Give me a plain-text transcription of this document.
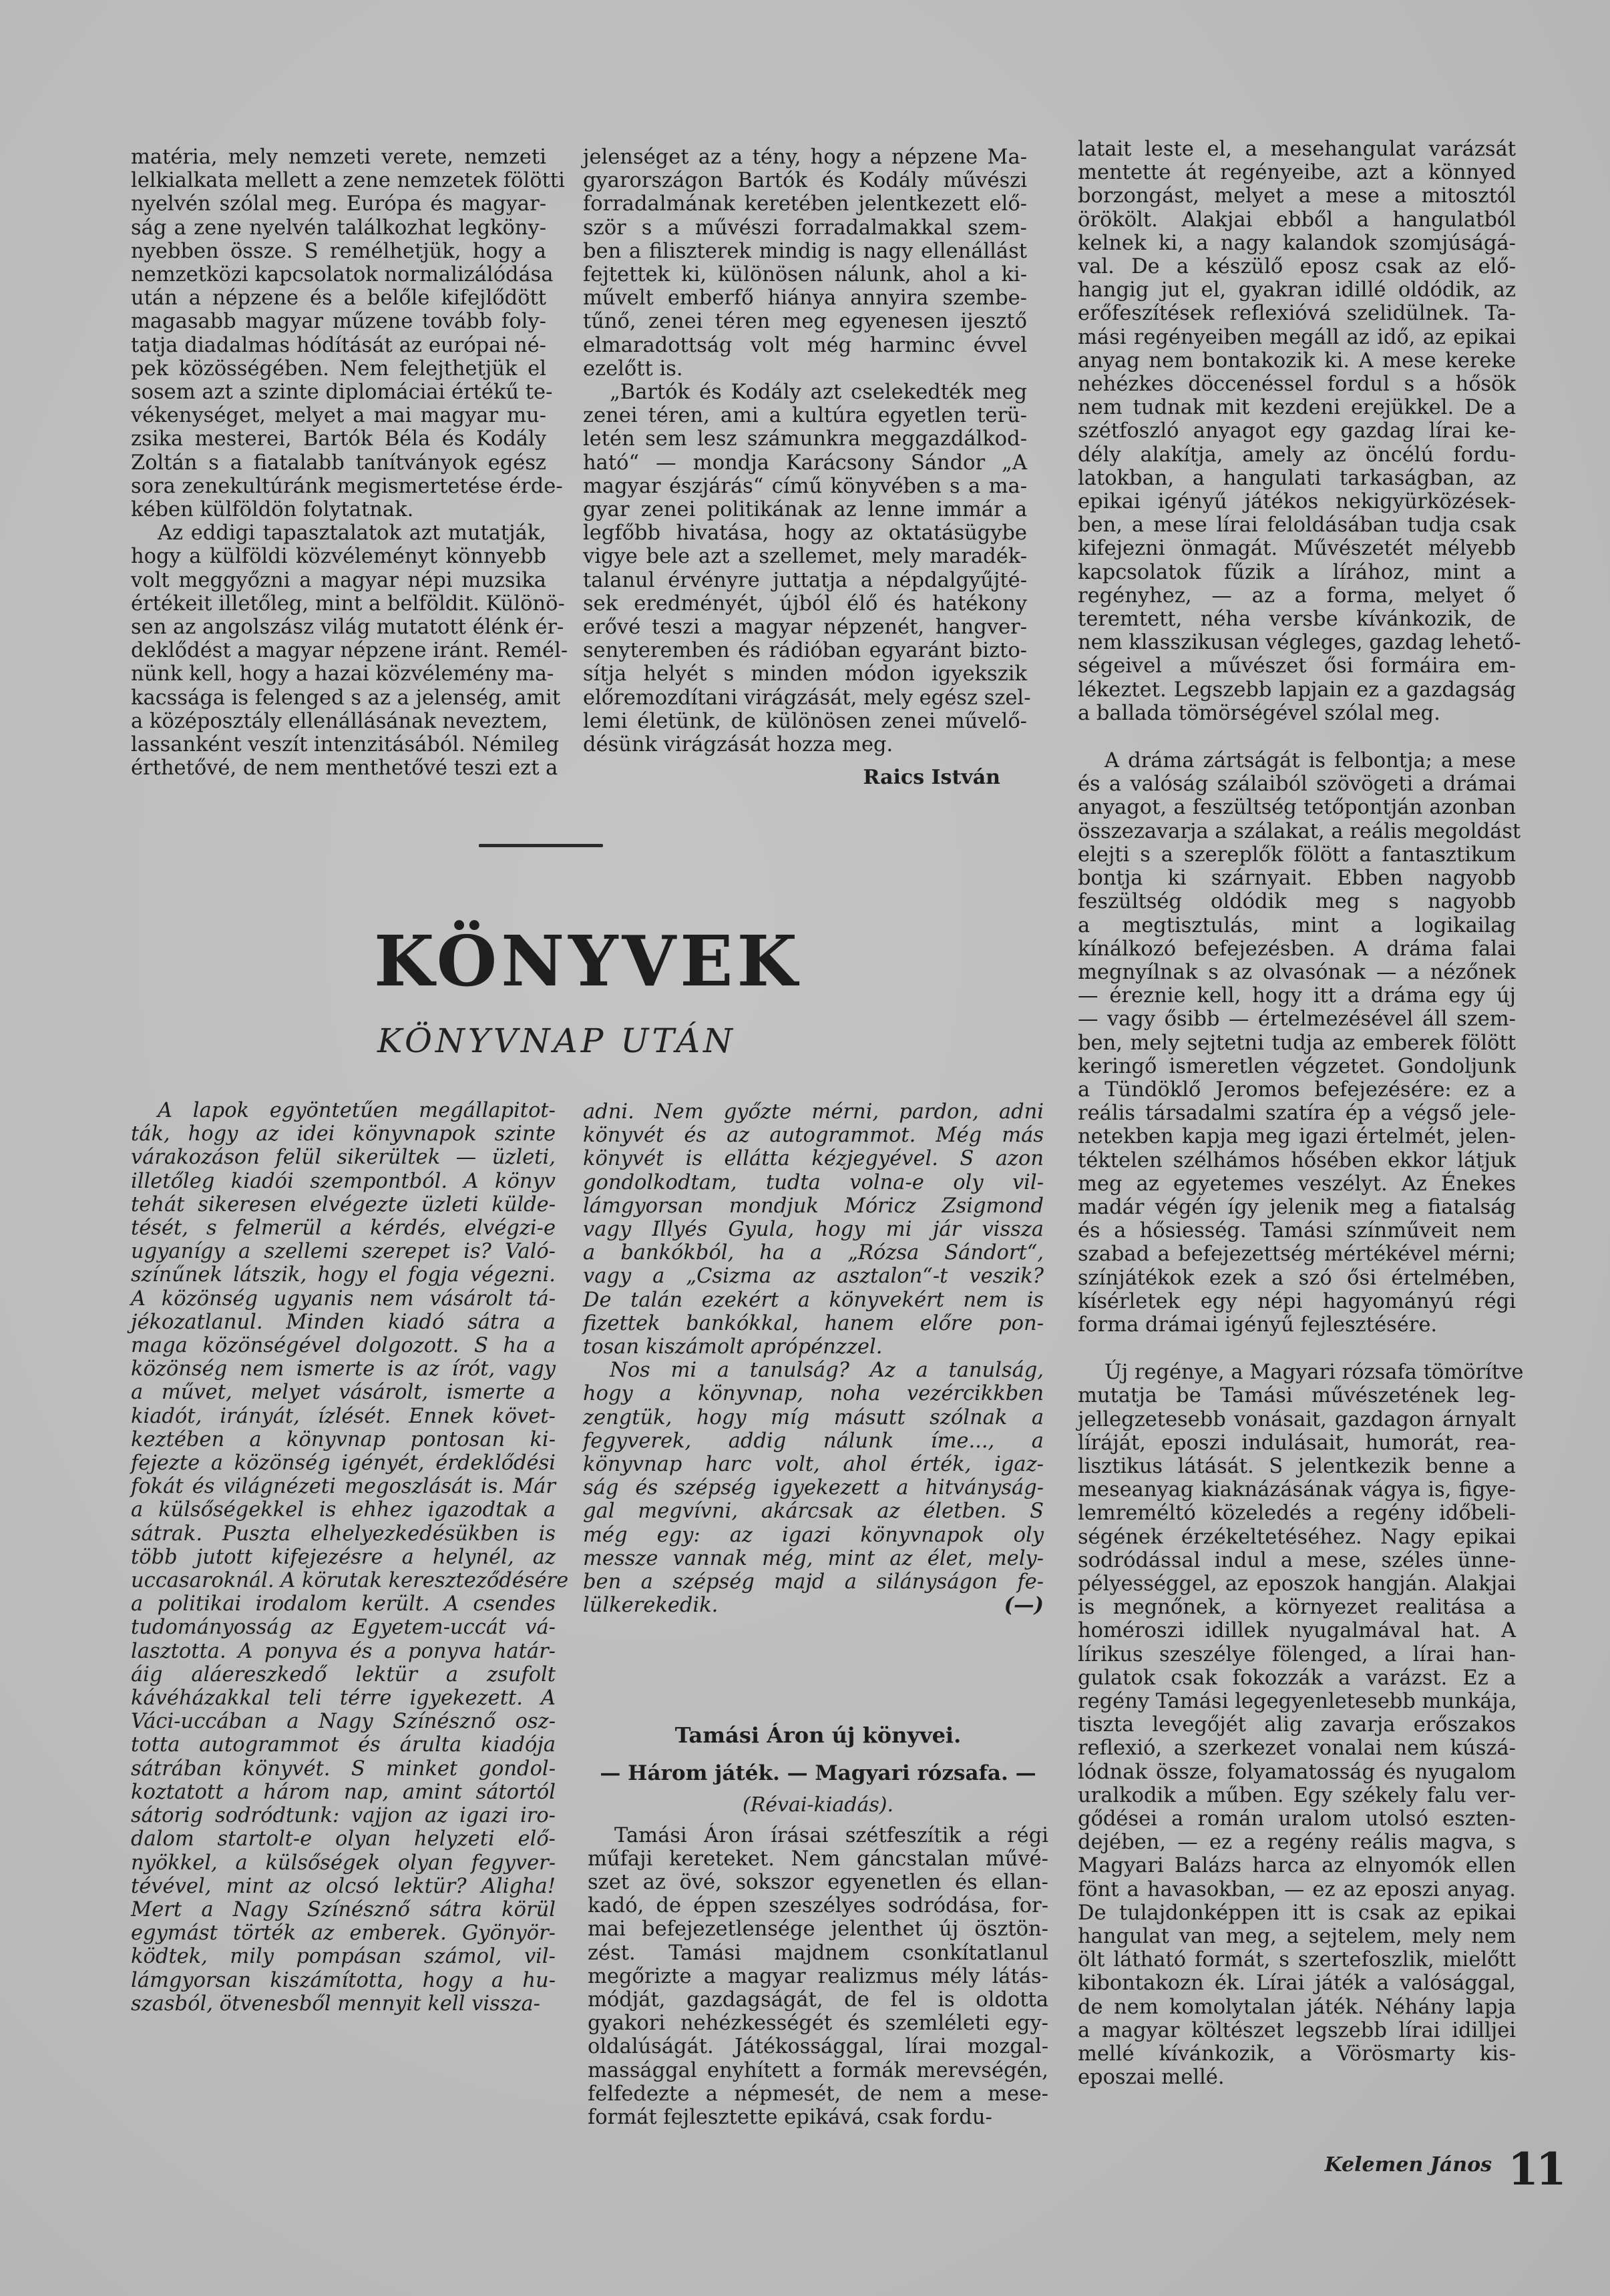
matéria, mely nemzeti verete, nemzeti
lelkialkata mellett a zene nemzetek fölötti
nyelvén szólal meg. Európa és magyar-
ság a zene nyelvén találkozhat legköny-
nyebben össze. S remélhetjük, hogy a
nemzetközi kapcsolatok normalizálódása
után a népzene és a belőle kifejlődött
magasabb magyar műzene tovább foly-
tatja diadalmas hódítását az európai né-
pek közösségében. Nem felejthetjük el
sosem azt a szinte diplomáciai értékű te-
vékenységet, melyet a mai magyar mu-
zsika mesterei, Bartók Béla és Kodály
Zoltán s a fiatalabb tanítványok egész
sora zenekultúránk megismertetése érde-
kében külföldön folytatnak.

Az eddigi tapasztalatok azt mutatják,
hogy a külföldi közvéleményt könnyebb
volt meggyőzni a magyar népi muzsika
értékeit illetőleg, mint a belföldit. Különö-
sen az angolszász világ mutatott élénk ér-
deklődést a magyar népzene iránt. Remél-
nünk kell, hogy a hazai közvélemény ma-
kacssága is felenged s az a jelenség, amit
a középosztály ellenállásának neveztem,
lassanként veszít intenzitásából. Némileg
érthetővé, de nem menthetővé teszi ezt a

jelenséget az a tény, hogy a népzene Ma-
gyarországon Bartók és Kodály művészi
forradalmának keretében jelentkezett elő-
ször s a művészi forradalmakkal szem-
ben a filiszterek mindig is nagy ellenállást
fejtettek ki, különösen nálunk, ahol a ki-
művelt emberfő hiánya annyira szembe-
tűnő, zenei téren meg egyenesen ijesztő
elmaradottság volt még harminc évvel
ezelőtt is.

„Bartók és Kodály azt cselekedték meg
zenei téren, ami a kultúra egyetlen terü-
letén sem lesz számunkra meggazdálkod-
ható“ — mondja Karácsony Sándor „A
magyar észjárás“ című könyvében s a ma-
gyar zenei politikának az lenne immár a
legfőbb hivatása, hogy az oktatásügybe
vigye bele azt a szellemet, mely maradék-
talanul érvényre juttatja a népdalgyűjté-
sek eredményét, újból élő és hatékony
erővé teszi a magyar népzenét, hangver-
senyteremben és rádióban egyaránt bizto-
sítja helyét s minden módon igyekszik
előremozdítani virágzását, mely egész szel-
lemi életünk, de különösen zenei művelő-
désünk virágzását hozza meg.

Raics István
KÖNYVEK
KÖNYVNAP UTÁN

A lapok egyöntetűen megállapitot-
ták, hogy az idei könyvnapok szinte
várakozáson felül sikerültek — üzleti,
illetőleg kiadói szempontból. A könyv
tehát sikeresen elvégezte üzleti külde-
tését, s felmerül a kérdés, elvégzi-e
ugyanígy a szellemi szerepet is? Való-
színűnek látszik, hogy el fogja végezni.
A közönség ugyanis nem vásárolt tá-
jékozatlanul. Minden kiadó sátra a
maga közönségével dolgozott. S ha a
közönség nem ismerte is az írót, vagy
a művet, melyet vásárolt, ismerte a
kiadót, irányát, ízlését. Ennek követ-
keztében a könyvnap pontosan ki-
fejezte a közönség igényét, érdeklődési
fokát és világnézeti megoszlását is. Már
a külsőségekkel is ehhez igazodtak a
sátrak. Puszta elhelyezkedésükben is
több jutott kifejezésre a helynél, az
uccasaroknál. A körutak kereszteződésére
a politikai irodalom került. A csendes
tudományosság az Egyetem-uccát vá-
lasztotta. A ponyva és a ponyva határ-
áig aláereszkedő lektür a zsufolt
kávéházakkal teli térre igyekezett. A
Váci-uccában a Nagy Színésznő osz-
totta autogrammot és árulta kiadója
sátrában könyvét. S minket gondol-
koztatott a három nap, amint sátortól
sátorig sodródtunk: vajjon az igazi iro-
dalom startolt-e olyan helyzeti elő-
nyökkel, a külsőségek olyan fegyver-
tévével, mint az olcsó lektür? Aligha!
Mert a Nagy Színésznő sátra körül
egymást törték az emberek. Gyönyör-
ködtek, mily pompásan számol, vil-
lámgyorsan kiszámította, hogy a hu-
szasból, ötvenesből mennyit kell vissza-

adni. Nem győzte mérni, pardon, adni
könyvét és az autogrammot. Még más
könyvét is ellátta kézjegyével. S azon
gondolkodtam, tudta volna-e oly vil-
lámgyorsan mondjuk Móricz Zsigmond
vagy Illyés Gyula, hogy mi jár vissza
a bankókból, ha a „Rózsa Sándort“,
vagy a „Csizma az asztalon“-t veszik?
De talán ezekért a könyvekért nem is
fizettek bankókkal, hanem előre pon-
tosan kiszámolt aprópénzzel.

Nos mi a tanulság? Az a tanulság,
hogy a könyvnap, noha vezércikkben
zengtük, hogy míg másutt szólnak a
fegyverek, addig nálunk íme..., a
könyvnap harc volt, ahol érték, igaz-
ság és szépség igyekezett a hitványság-
gal megvívni, akárcsak az életben. S
még egy: az igazi könyvnapok oly
messze vannak még, mint az élet, mely-
ben a szépség majd a silányságon fe-
lülkerekedik.	(—)

Tamási Áron új könyvei.
— Három játék. — Magyari rózsafa. —
(Révai-kiadás).

Tamási Áron írásai szétfeszítik a régi
műfaji kereteket. Nem gáncstalan művé-
szet az övé, sokszor egyenetlen és ellan-
kadó, de éppen szeszélyes sodródása, for-
mai befejezetlensége jelenthet új ösztön-
zést. Tamási majdnem csonkítatlanul
megőrizte a magyar realizmus mély látás-
módját, gazdagságát, de fel is oldotta
gyakori nehézkességét és szemléleti egy-
oldalúságát. Játékossággal, lírai mozgal-
massággal enyhített a formák merevségén,
felfedezte a népmesét, de nem a mese-
formát fejlesztette epikává, csak fordu-

latait leste el, a mesehangulat varázsát
mentette át regényeibe, azt a könnyed
borzongást, melyet a mese a mitosztól
örökölt. Alakjai ebből a hangulatból
kelnek ki, a nagy kalandok szomjúságá-
val. De a készülő eposz csak az elő-
hangig jut el, gyakran idillé oldódik, az
erőfeszítések reflexióvá szelidülnek. Ta-
mási regényeiben megáll az idő, az epikai
anyag nem bontakozik ki. A mese kereke
nehézkes döccenéssel fordul s a hősök
nem tudnak mit kezdeni erejükkel. De a
szétfoszló anyagot egy gazdag lírai ke-
dély alakítja, amely az öncélú fordu-
latokban, a hangulati tarkaságban, az
epikai igényű játékos nekigyürközések-
ben, a mese lírai feloldásában tudja csak
kifejezni önmagát. Művészetét mélyebb
kapcsolatok fűzik a lírához, mint a
regényhez, — az a forma, melyet ő
teremtett, néha versbe kívánkozik, de
nem klasszikusan végleges, gazdag lehető-
ségeivel a művészet ősi formáira em-
lékeztet. Legszebb lapjain ez a gazdagság
a ballada tömörségével szólal meg.

A dráma zártságát is felbontja; a mese
és a valóság szálaiból szövögeti a drámai
anyagot, a feszültség tetőpontján azonban
összezavarja a szálakat, a reális megoldást
elejti s a szereplők fölött a fantasztikum
bontja ki szárnyait. Ebben nagyobb
feszültség oldódik meg s nagyobb
a megtisztulás, mint a logikailag
kínálkozó befejezésben. A dráma falai
megnyílnak s az olvasónak — a nézőnek
— éreznie kell, hogy itt a dráma egy új
— vagy ősibb — értelmezésével áll szem-
ben, mely sejtetni tudja az emberek fölött
keringő ismeretlen végzetet. Gondoljunk
a Tündöklő Jeromos befejezésére: ez a
reális társadalmi szatíra ép a végső jele-
netekben kapja meg igazi értelmét, jelen-
téktelen szélhámos hősében ekkor látjuk
meg az egyetemes veszélyt. Az Énekes
madár végén így jelenik meg a fiatalság
és a hősiesség. Tamási színműveit nem
szabad a befejezettség mértékével mérni;
színjátékok ezek a szó ősi értelmében,
kísérletek egy népi hagyományú régi
forma drámai igényű fejlesztésére.

Új regénye, a Magyari rózsafa tömörítve
mutatja be Tamási művészetének leg-
jellegzetesebb vonásait, gazdagon árnyalt
líráját, eposzi indulásait, humorát, rea-
lisztikus látását. S jelentkezik benne a
meseanyag kiaknázásának vágya is, figye-
lemreméltó közeledés a regény időbeli-
ségének érzékeltetéséhez. Nagy epikai
sodródással indul a mese, széles ünne-
pélyességgel, az eposzok hangján. Alakjai
is megnőnek, a környezet realitása a
homéroszi idillek nyugalmával hat. A
lírikus szeszélye fölenged, a lírai han-
gulatok csak fokozzák a varázst. Ez a
regény Tamási legegyenletesebb munkája,
tiszta levegőjét alig zavarja erőszakos
reflexió, a szerkezet vonalai nem kúszá-
lódnak össze, folyamatosság és nyugalom
uralkodik a műben. Egy székely falu ver-
gődései a román uralom utolsó eszten-
dejében, — ez a regény reális magva, s
Magyari Balázs harca az elnyomók ellen
fönt a havasokban, — ez az eposzi anyag.
De tulajdonképpen itt is csak az epikai
hangulat van meg, a sejtelem, mely nem
ölt látható formát, s szertefoszlik, mielőtt
kibontakozn ék. Lírai játék a valósággal,
de nem komolytalan játék. Néhány lapja
a magyar költészet legszebb lírai idilljei
mellé kívánkozik, a Vörösmarty kis-
eposzai mellé.

Kelemen János 11
